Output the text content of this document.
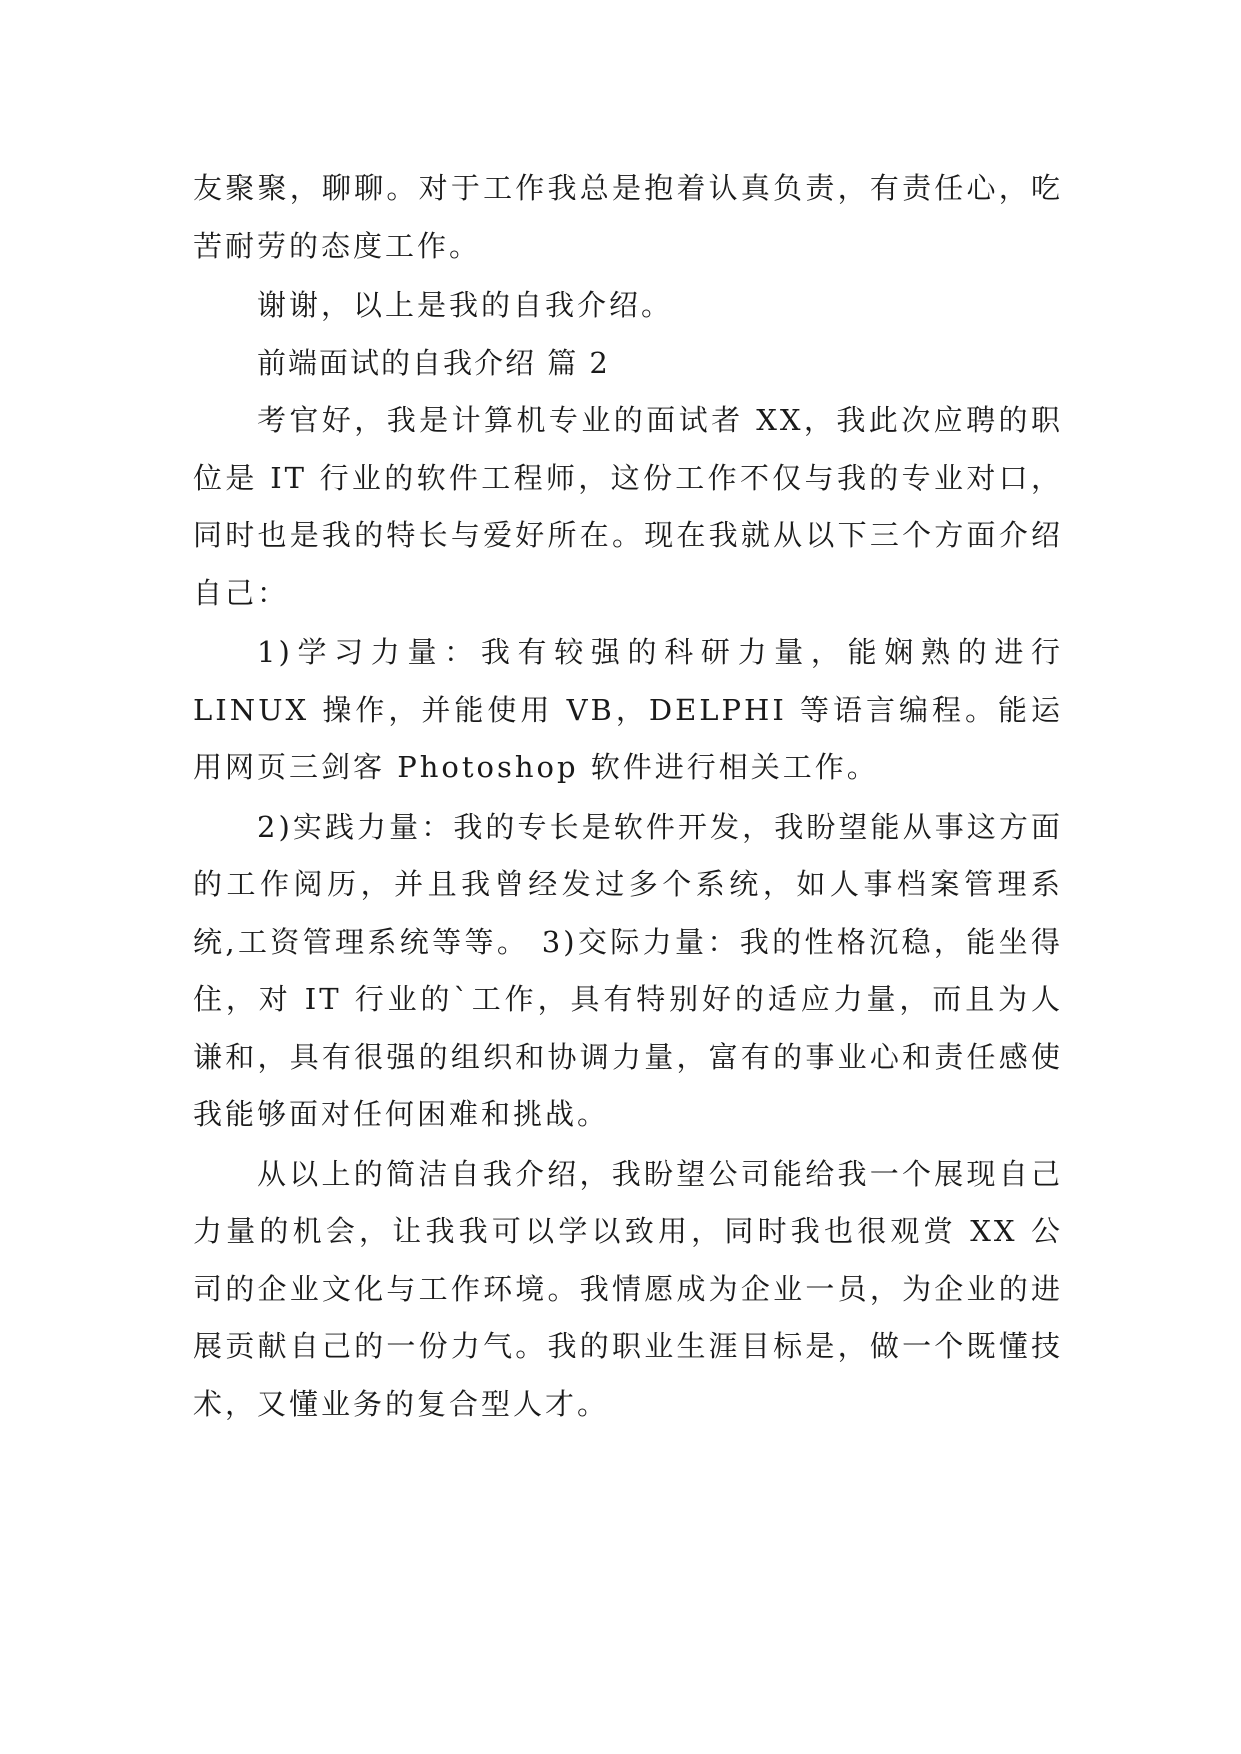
友聚聚，聊聊。对于工作我总是抱着认真负责，有责任心，吃苦耐劳的态度工作。

谢谢，以上是我的自我介绍。

前端面试的自我介绍 篇 2

考官好，我是计算机专业的面试者 XX，我此次应聘的职位是 IT 行业的软件工程师，这份工作不仅与我的专业对口，同时也是我的特长与爱好所在。现在我就从以下三个方面介绍自己：

1)学习力量：我有较强的科研力量，能娴熟的进行 LINUX 操作，并能使用 VB，DELPHI 等语言编程。能运用网页三剑客 Photoshop 软件进行相关工作。

2)实践力量：我的专长是软件开发，我盼望能从事这方面的工作阅历，并且我曾经发过多个系统，如人事档案管理系统,工资管理系统等等。 3)交际力量：我的性格沉稳，能坐得住，对 IT 行业的`工作，具有特别好的适应力量，而且为人谦和，具有很强的组织和协调力量，富有的事业心和责任感使我能够面对任何困难和挑战。

从以上的简洁自我介绍，我盼望公司能给我一个展现自己力量的机会，让我我可以学以致用，同时我也很观赏 XX 公司的企业文化与工作环境。我情愿成为企业一员，为企业的进展贡献自己的一份力气。我的职业生涯目标是，做一个既懂技术，又懂业务的复合型人才。
